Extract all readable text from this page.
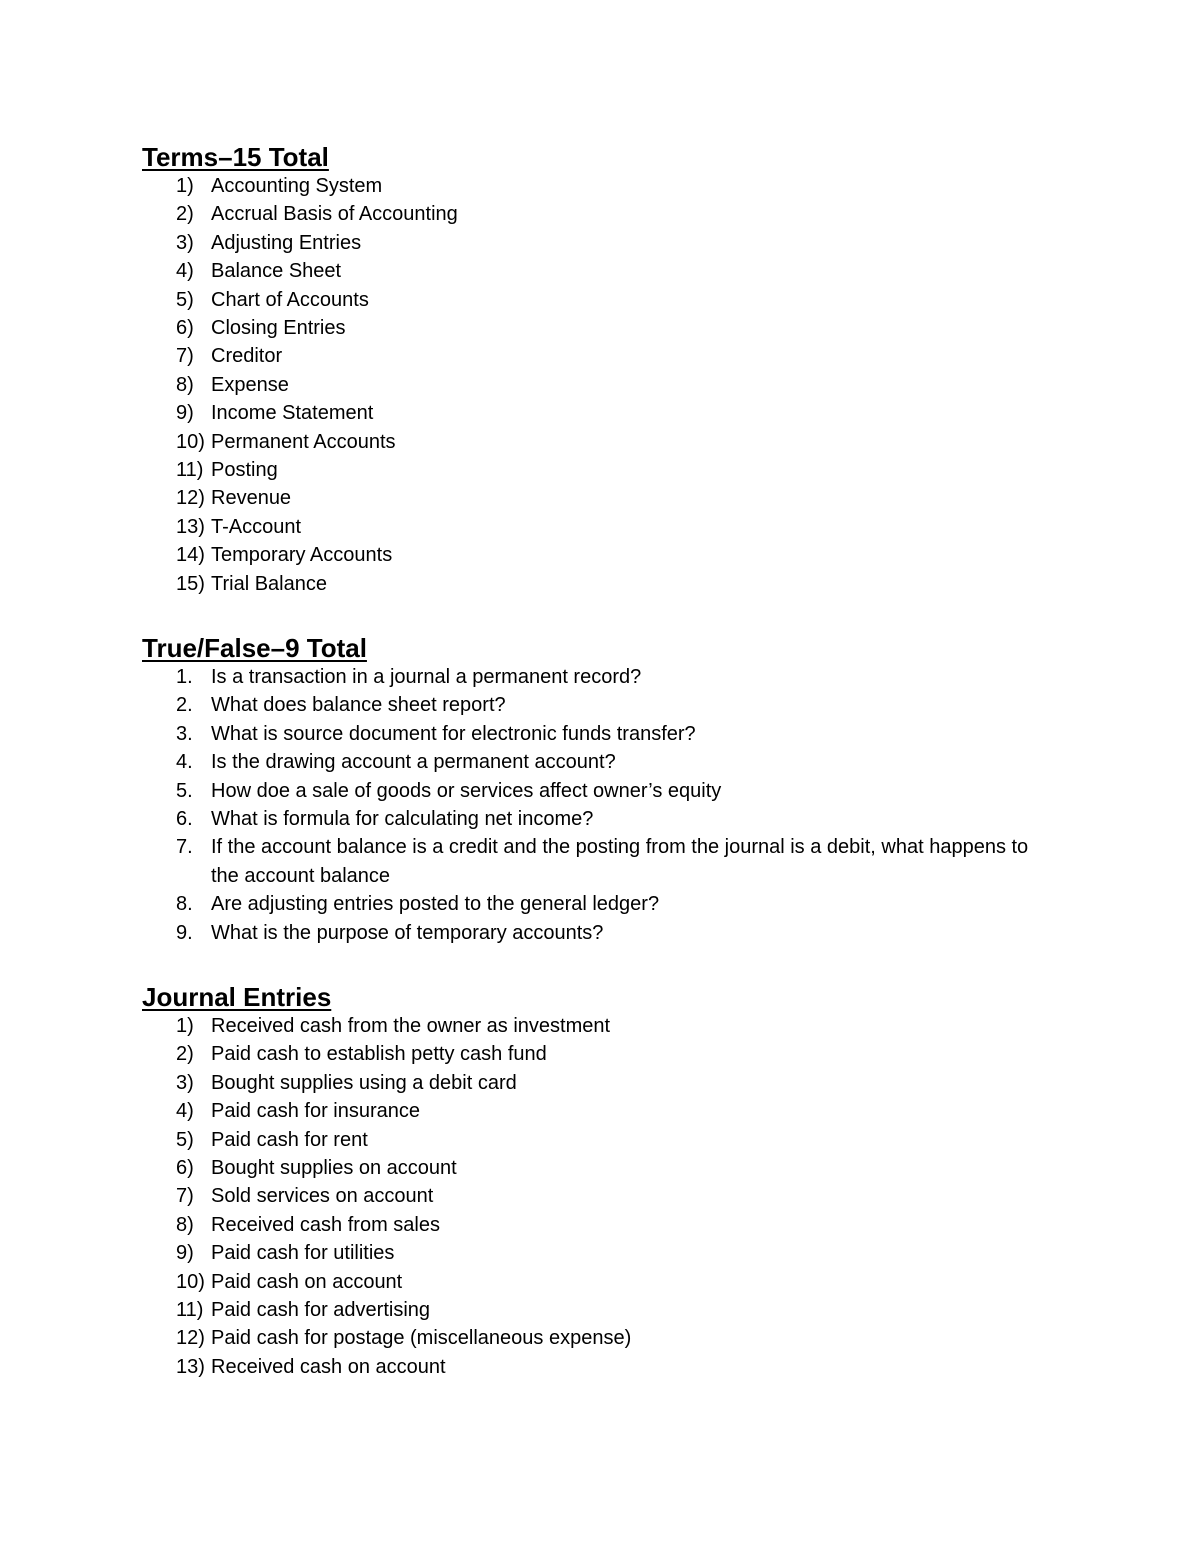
Terms–15 Total
1) Accounting System
2) Accrual Basis of Accounting
3) Adjusting Entries
4) Balance Sheet
5) Chart of Accounts
6) Closing Entries
7) Creditor
8) Expense
9) Income Statement
10) Permanent Accounts
11) Posting
12) Revenue
13) T-Account
14) Temporary Accounts
15) Trial Balance
True/False–9 Total
1. Is a transaction in a journal a permanent record?
2. What does balance sheet report?
3. What is source document for electronic funds transfer?
4. Is the drawing account a permanent account?
5. How doe a sale of goods or services affect owner’s equity
6. What is formula for calculating net income?
7. If the account balance is a credit and the posting from the journal is a debit, what happens to the account balance
8. Are adjusting entries posted to the general ledger?
9. What is the purpose of temporary accounts?
Journal Entries
1) Received cash from the owner as investment
2) Paid cash to establish petty cash fund
3) Bought supplies using a debit card
4) Paid cash for insurance
5) Paid cash for rent
6) Bought supplies on account
7) Sold services on account
8) Received cash from sales
9) Paid cash for utilities
10) Paid cash on account
11) Paid cash for advertising
12) Paid cash for postage (miscellaneous expense)
13) Received cash on account
